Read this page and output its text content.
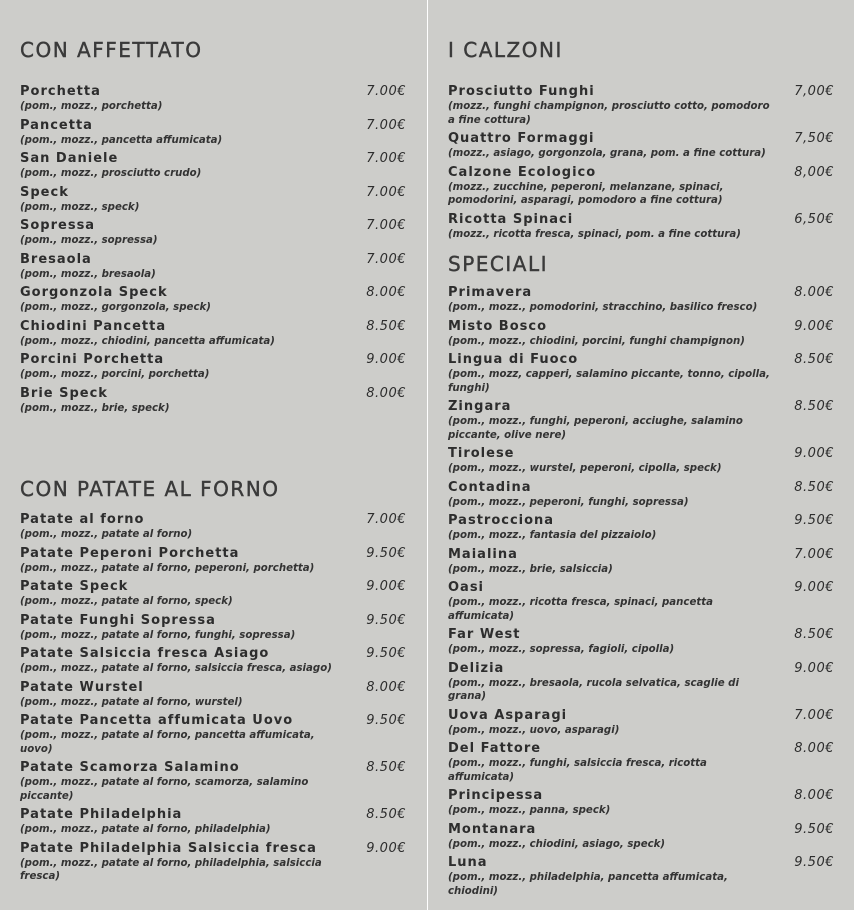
CON AFFETTATO
Porchetta
(pom., mozz., porchetta)
7.00€
Pancetta
(pom., mozz., pancetta affumicata)
7.00€
San Daniele
(pom., mozz., prosciutto crudo)
7.00€
Speck
(pom., mozz., speck)
7.00€
Sopressa
(pom., mozz., sopressa)
7.00€
Bresaola
(pom., mozz., bresaola)
7.00€
Gorgonzola Speck
(pom., mozz., gorgonzola, speck)
8.00€
Chiodini Pancetta
(pom., mozz., chiodini, pancetta affumicata)
8.50€
Porcini Porchetta
(pom., mozz., porcini, porchetta)
9.00€
Brie Speck
(pom., mozz., brie, speck)
8.00€
CON PATATE AL FORNO
Patate al forno
(pom., mozz., patate al forno)
7.00€
Patate Peperoni Porchetta
(pom., mozz., patate al forno, peperoni, porchetta)
9.50€
Patate Speck
(pom., mozz., patate al forno, speck)
9.00€
Patate Funghi Sopressa
(pom., mozz., patate al forno, funghi, sopressa)
9.50€
Patate Salsiccia fresca Asiago
(pom., mozz., patate al forno, salsiccia fresca, asiago)
9.50€
Patate Wurstel
(pom., mozz., patate al forno, wurstel)
8.00€
Patate Pancetta affumicata Uovo
(pom., mozz., patate al forno, pancetta affumicata, uovo)
9.50€
Patate Scamorza Salamino
(pom., mozz., patate al forno, scamorza, salamino piccante)
8.50€
Patate Philadelphia
(pom., mozz., patate al forno, philadelphia)
8.50€
Patate Philadelphia Salsiccia fresca
(pom., mozz., patate al forno, philadelphia, salsiccia fresca)
9.00€
I CALZONI
Prosciutto Funghi
(mozz., funghi champignon, prosciutto cotto, pomodoro a fine cottura)
7,00€
Quattro Formaggi
(mozz., asiago, gorgonzola, grana, pom. a fine cottura)
7,50€
Calzone Ecologico
(mozz., zucchine, peperoni, melanzane, spinaci, pomodorini, asparagi, pomodoro a fine cottura)
8,00€
Ricotta Spinaci
(mozz., ricotta fresca, spinaci, pom. a fine cottura)
6,50€
SPECIALI
Primavera
(pom., mozz., pomodorini, stracchino, basilico fresco)
8.00€
Misto Bosco
(pom., mozz., chiodini, porcini, funghi champignon)
9.00€
Lingua di Fuoco
(pom., mozz, capperi, salamino piccante, tonno, cipolla, funghi)
8.50€
Zingara
(pom., mozz., funghi, peperoni, acciughe, salamino piccante, olive nere)
8.50€
Tirolese
(pom., mozz., wurstel, peperoni, cipolla, speck)
9.00€
Contadina
(pom., mozz., peperoni, funghi, sopressa)
8.50€
Pastrocciona
(pom., mozz., fantasia del pizzaiolo)
9.50€
Maialina
(pom., mozz., brie, salsiccia)
7.00€
Oasi
(pom., mozz., ricotta fresca, spinaci, pancetta affumicata)
9.00€
Far West
(pom., mozz., sopressa, fagioli, cipolla)
8.50€
Delizia
(pom., mozz., bresaola, rucola selvatica, scaglie di grana)
9.00€
Uova Asparagi
(pom., mozz., uovo, asparagi)
7.00€
Del Fattore
(pom., mozz., funghi, salsiccia fresca, ricotta affumicata)
8.00€
Principessa
(pom., mozz., panna, speck)
8.00€
Montanara
(pom., mozz., chiodini, asiago, speck)
9.50€
Luna
(pom., mozz., philadelphia, pancetta affumicata, chiodini)
9.50€
